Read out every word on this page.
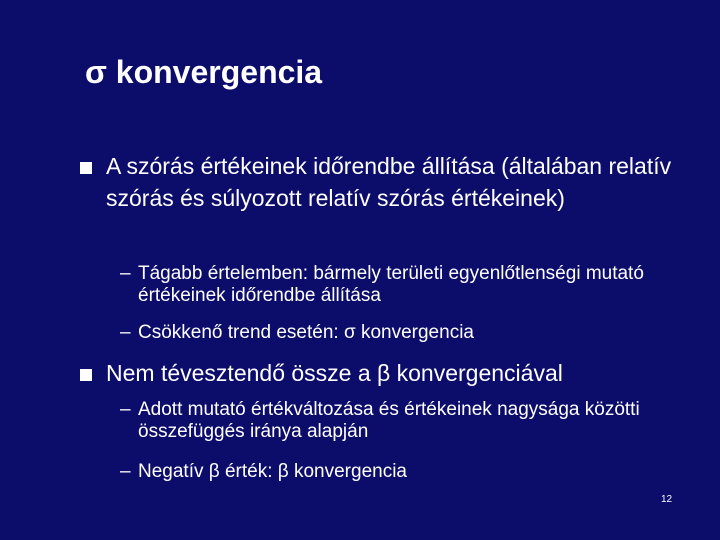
σ konvergencia
A szórás értékeinek időrendbe állítása (általában relatív szórás és súlyozott relatív szórás értékeinek)
– Tágabb értelemben: bármely területi egyenlőtlenségi mutató értékeinek időrendbe állítása
– Csökkenő trend esetén: σ konvergencia
Nem tévesztendő össze a β konvergenciával
– Adott mutató értékváltozása és értékeinek nagysága közötti összefüggés iránya alapján
– Negatív β érték: β konvergencia
12
